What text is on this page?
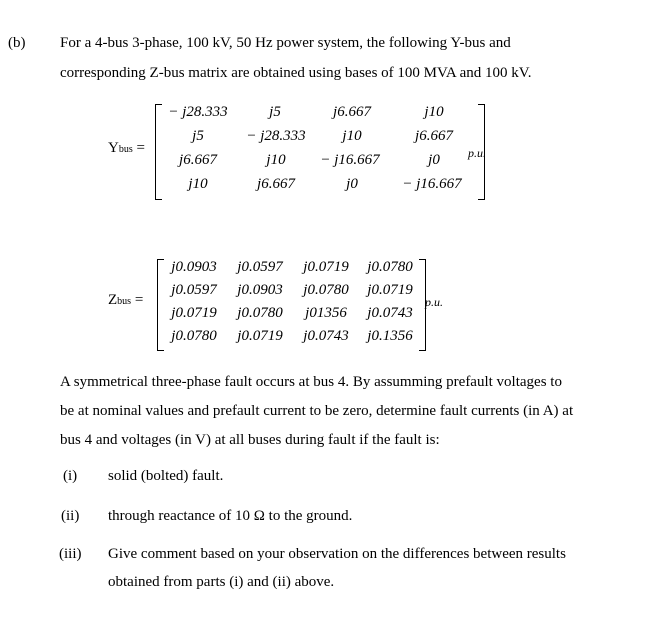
(b) For a 4-bus 3-phase, 100 kV, 50 Hz power system, the following Y-bus and
corresponding Z-bus matrix are obtained using bases of 100 MVA and 100 kV.
Ybus =
− j28.333	j5	j6.667	j10
j5	− j28.333	j10	j6.667
j6.667	j10	− j16.667	j0
j10	j6.667	j0	− j16.667
p.u.
Zbus =
j0.0903	j0.0597	j0.0719	j0.0780
j0.0597	j0.0903	j0.0780	j0.0719
j0.0719	j0.0780	j01356	j0.0743
j0.0780	j0.0719	j0.0743	j0.1356
p.u.
A symmetrical three-phase fault occurs at bus 4. By assumming prefault voltages to
be at nominal values and prefault current to be zero, determine fault currents (in A) at
bus 4 and voltages (in V) at all buses during fault if the fault is:
(i) solid (bolted) fault.
(ii) through reactance of 10 Ω to the ground.
(iii) Give comment based on your observation on the differences between results
obtained from parts (i) and (ii) above.
